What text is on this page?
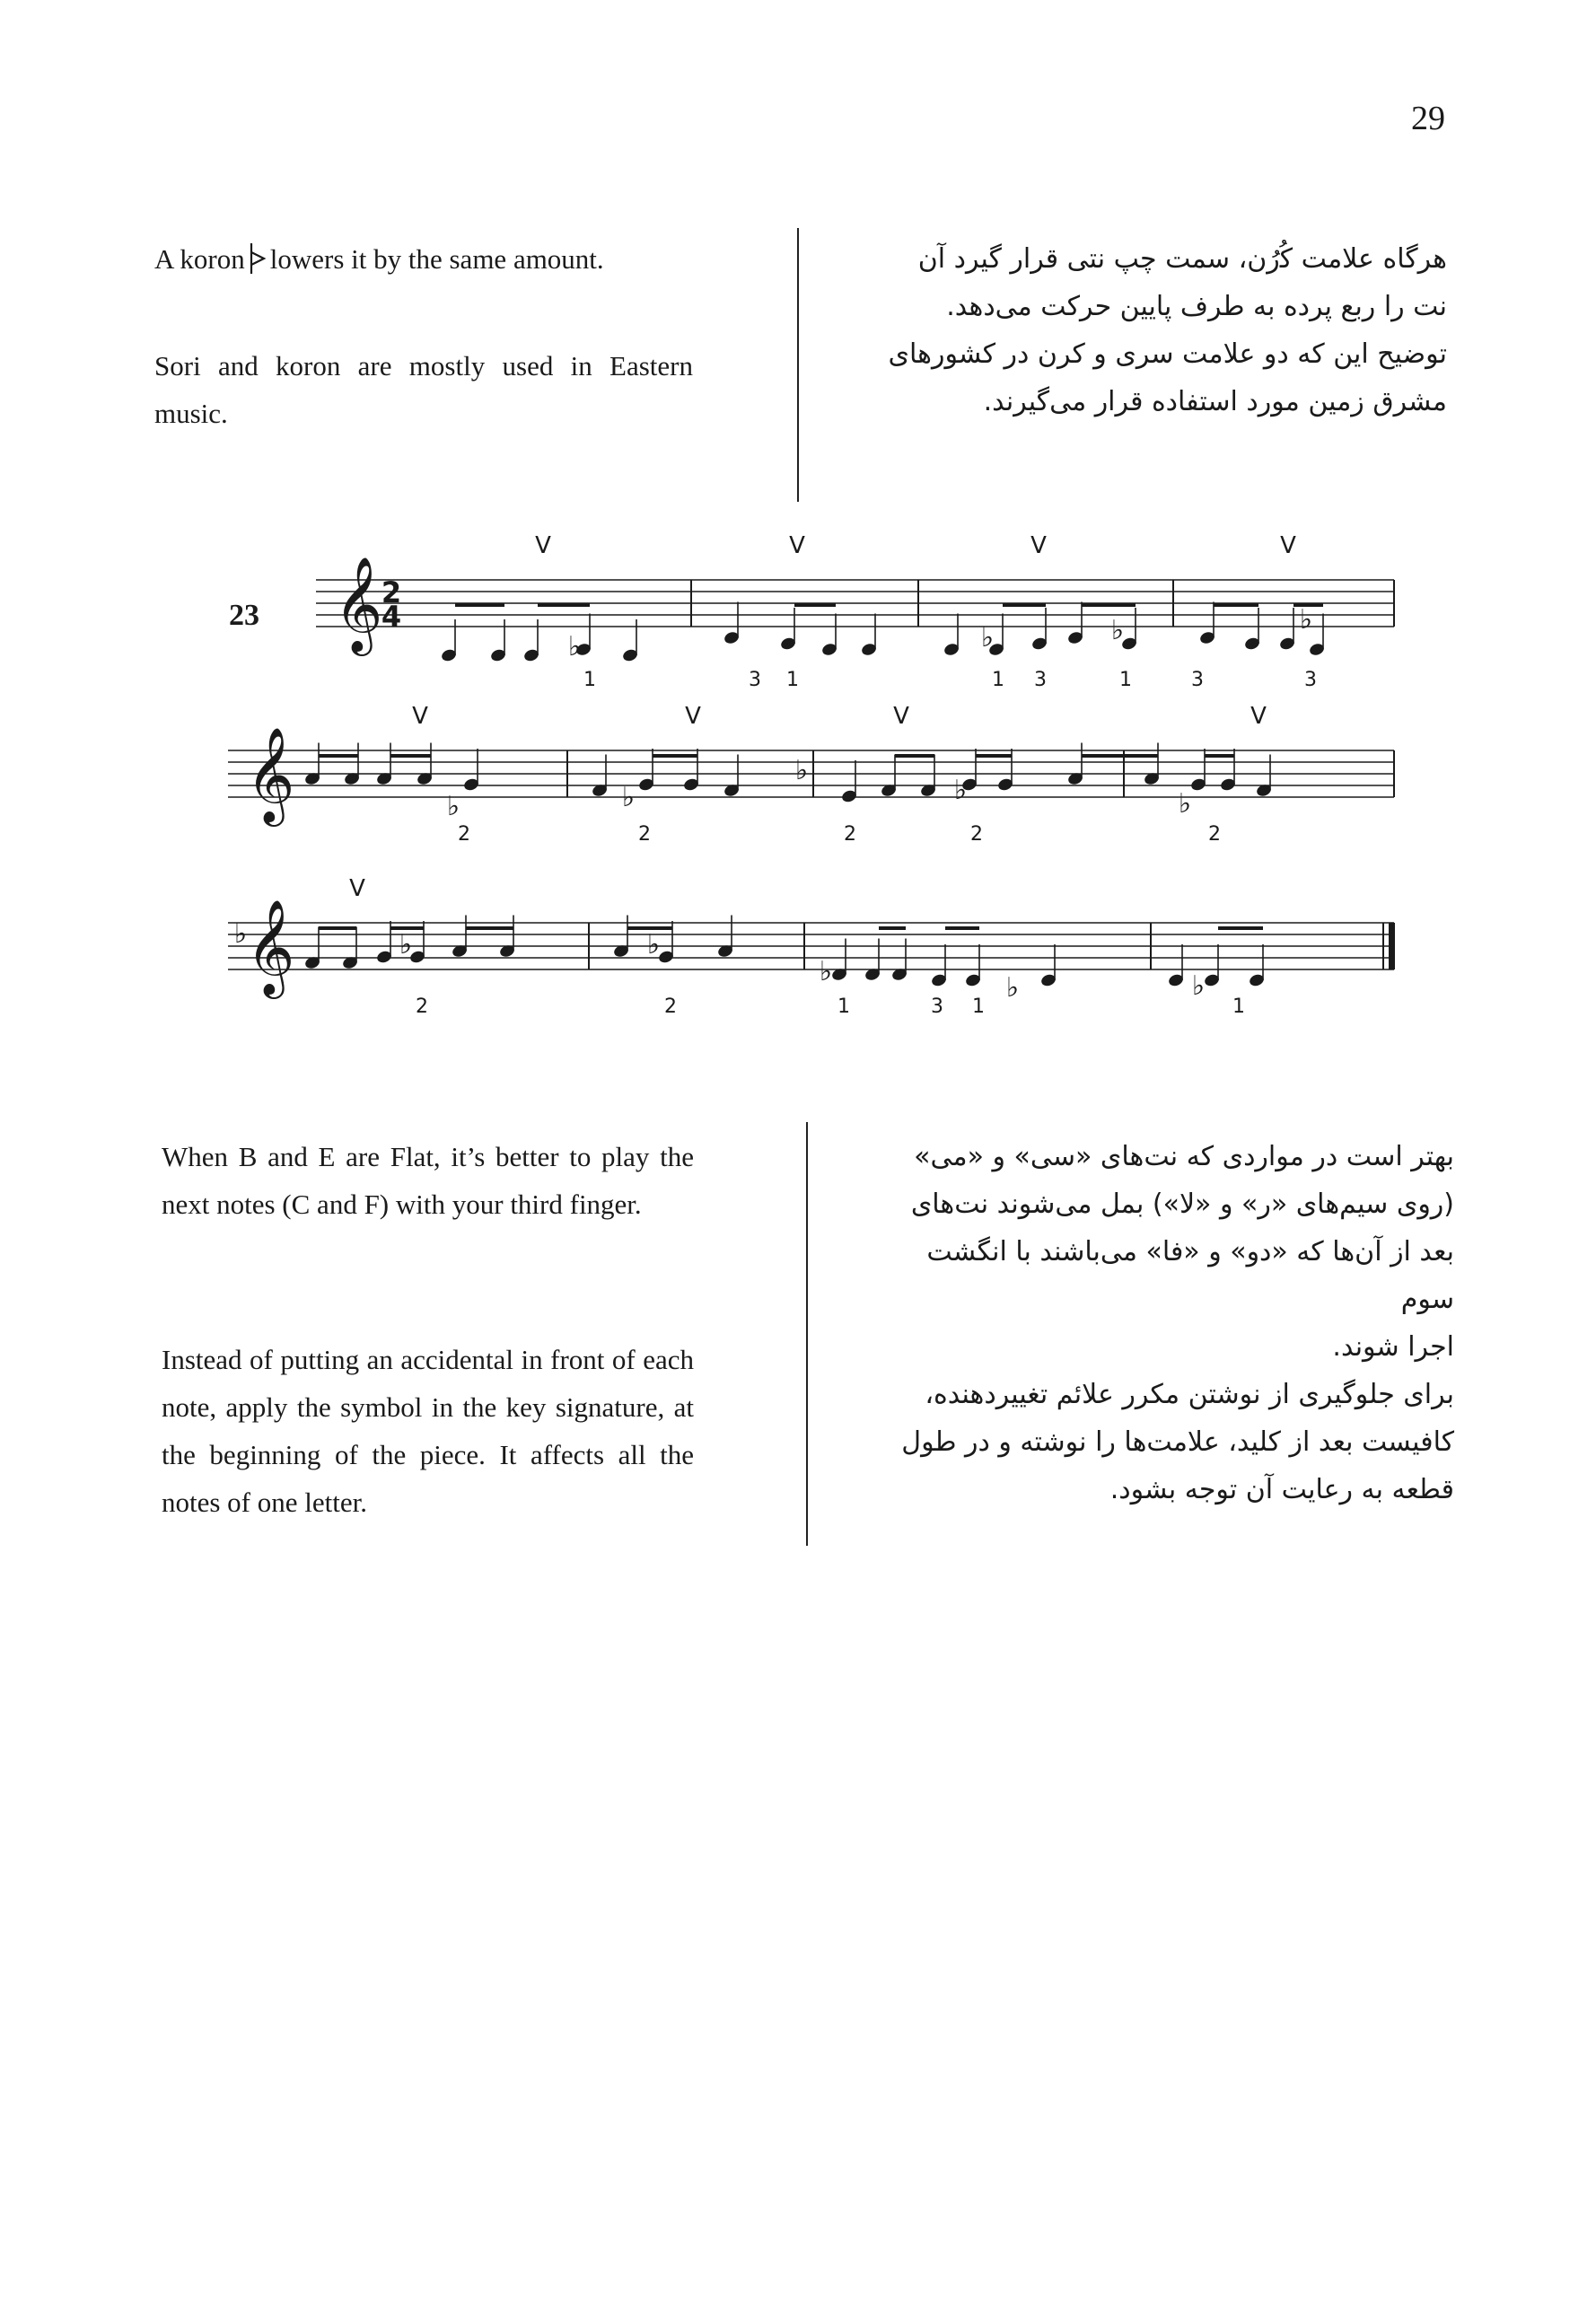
29

A koron lowers it by the same amount.

Sori and koron are mostly used in Eastern music.

هرگاه علامت ﮐُرُن، سمت چپ نتی قرار گیرد آن

نت را ربع پرده به طرف پایین حرکت می‌دهد.

توضیح این که دو علامت سری و کرن در کشورهای

مشرق زمین مورد استفاده قرار می‌گیرند.

23 𝄞
2
4
V	V	V	V
1	3 1	1 3	1	3	3
𝄞
V	V	V	V
2	2	2	2	2
𝄞
V
2	2	1	3 1	1
♭	♭	♭	♭
♭	♭
♭
♭	♭
♭	♭	♭
♭
♭	♭

When B and E are Flat, it’s better to play the next notes (C and F) with your third finger.

Instead of putting an accidental in front of each note, apply the symbol in the key signature, at the beginning of the piece. It affects all the notes of one letter.

بهتر است در مواردی که نت‌های «سی» و «می»

(روی سیم‌های «ر» و «لا») بمل می‌شوند نت‌های

بعد از آن‌ها که «دو» و «فا» می‌باشند با انگشت سوم

اجرا شوند.

برای جلوگیری از نوشتن مکرر علائم تغییردهنده،

کافیست بعد از کلید، علامت‌ها را نوشته و در طول

قطعه به رعایت آن توجه بشود.
